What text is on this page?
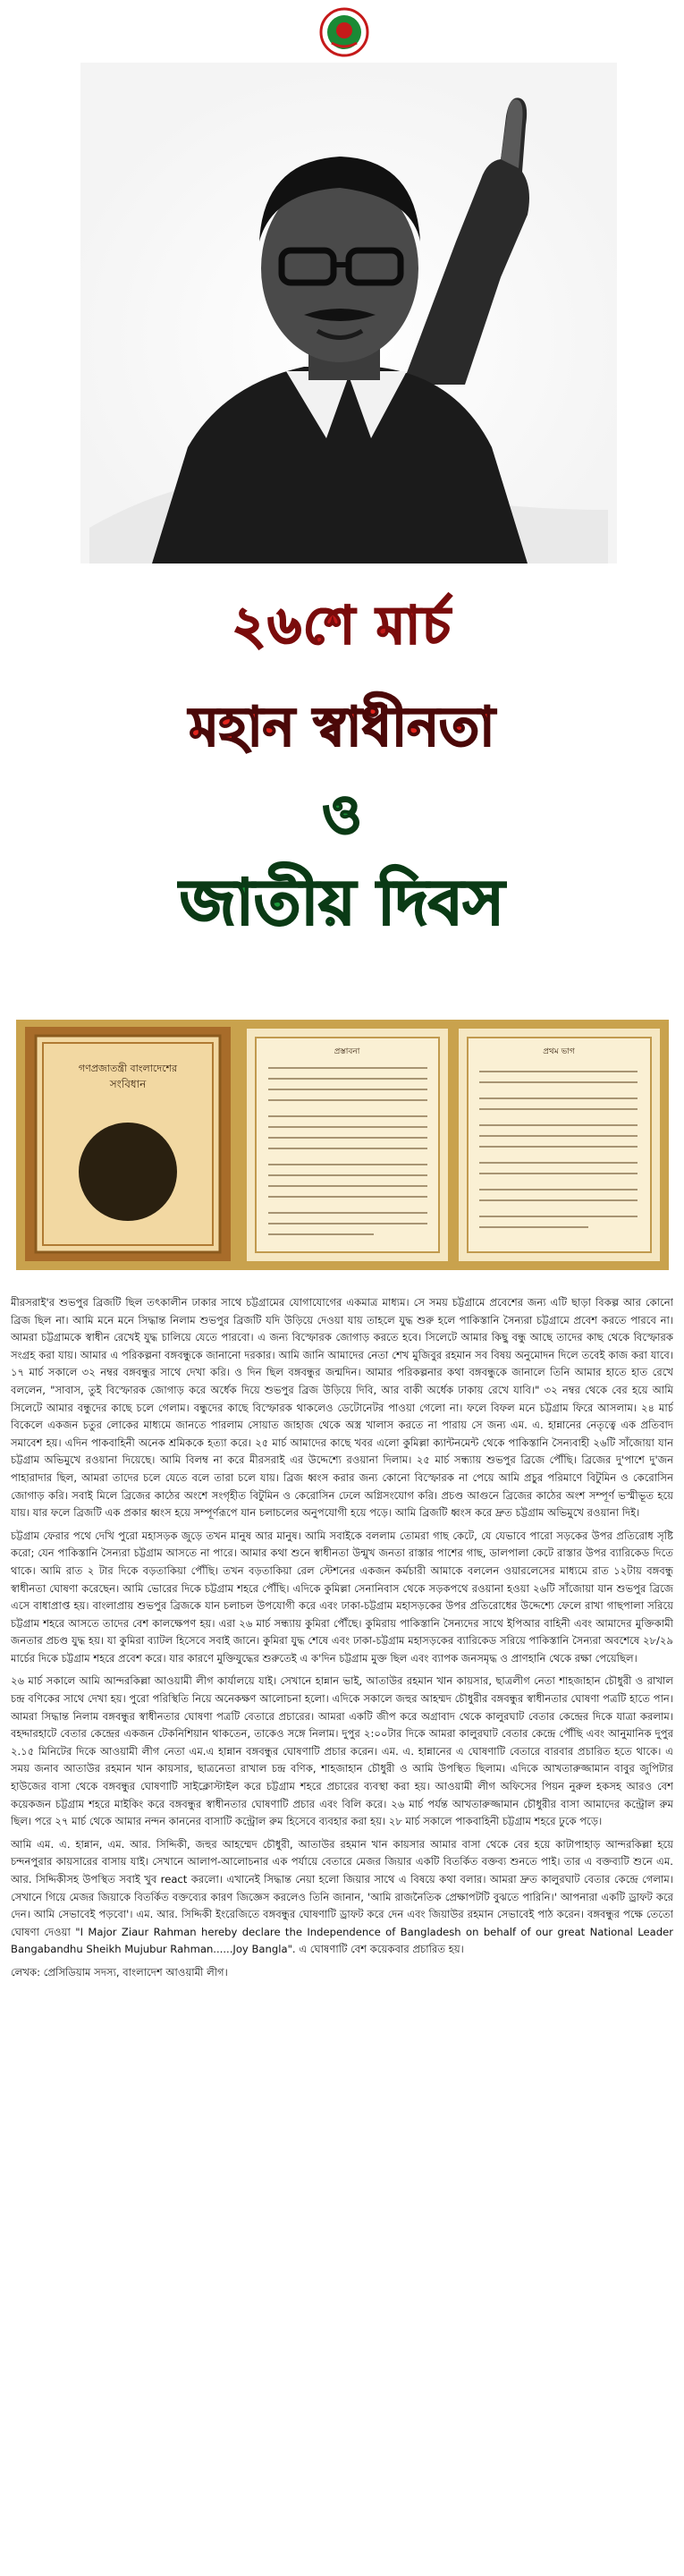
২৬শে মার্চ
মহান স্বাধীনতা
ও
জাতীয় দিবস
গণপ্রজাতন্ত্রী বাংলাদেশের
সংবিধান
প্রস্তাবনা	প্রথম ভাগ

মীরসরাই'র শুভপুর ব্রিজটি ছিল তৎকালীন ঢাকার সাথে চট্টগ্রামের যোগাযোগের একমাত্র মাধ্যম। সে সময় চট্টগ্রামে প্রবেশের জন্য এটি ছাড়া বিকল্প আর কোনো ব্রিজ ছিল না। আমি মনে মনে সিদ্ধান্ত নিলাম শুভপুর ব্রিজটি যদি উড়িয়ে দেওয়া যায় তাহলে যুদ্ধ শুরু হলে পাকিস্তানি সৈন্যরা চট্টগ্রামে প্রবেশ করতে পারবে না। আমরা চট্টগ্রামকে স্বাধীন রেখেই যুদ্ধ চালিয়ে যেতে পারবো। এ জন্য বিস্ফোরক জোগাড় করতে হবে। সিলেটে আমার কিছু বন্ধু আছে তাদের কাছ থেকে বিস্ফোরক সংগ্রহ করা যায়। আমার এ পরিকল্পনা বঙ্গবন্ধুকে জানানো দরকার। আমি জানি আমাদের নেতা শেখ মুজিবুর রহমান সব বিষয় অনুমোদন দিলে তবেই কাজ করা যাবে। ১৭ মার্চ সকালে ৩২ নম্বর বঙ্গবন্ধুর সাথে দেখা করি। ও দিন ছিল বঙ্গবন্ধুর জন্মদিন। আমার পরিকল্পনার কথা বঙ্গবন্ধুকে জানালে তিনি আমার হাতে হাত রেখে বললেন, "সাবাস, তুই বিস্ফোরক জোগাড় করে অর্ধেক দিয়ে শুভপুর ব্রিজ উড়িয়ে দিবি, আর বাকী অর্ধেক ঢাকায় রেখে যাবি।" ৩২ নম্বর থেকে বের হয়ে আমি সিলেটে আমার বন্ধুদের কাছে চলে গেলাম। বন্ধুদের কাছে বিস্ফোরক থাকলেও ডেটোনেটর পাওয়া গেলো না। ফলে বিফল মনে চট্টগ্রাম ফিরে আসলাম। ২৪ মার্চ বিকেলে একজন চতুর লোকের মাধ্যমে জানতে পারলাম সোয়াত জাহাজ থেকে অস্ত্র খালাস করতে না পারায় সে জন্য এম. এ. হান্নানের নেতৃত্বে এক প্রতিবাদ সমাবেশ হয়। এদিন পাকবাহিনী অনেক শ্রমিককে হত্যা করে। ২৫ মার্চ আমাদের কাছে খবর এলো কুমিল্লা ক্যান্টনমেন্ট থেকে পাকিস্তানি সৈন্যবাহী ২৬টি সাঁজোয়া যান চট্টগ্রাম অভিমুখে রওয়ানা দিয়েছে। আমি বিলম্ব না করে মীরসরাই এর উদ্দেশ্যে রওয়ানা দিলাম। ২৫ মার্চ সন্ধ্যায় শুভপুর ব্রিজে পৌঁছি। ব্রিজের দু'পাশে দু'জন পাহারাদার ছিল, আমরা তাদের চলে যেতে বলে তারা চলে যায়। ব্রিজ ধ্বংস করার জন্য কোনো বিস্ফোরক না পেয়ে আমি প্রচুর পরিমাণে বিটুমিন ও কেরোসিন জোগাড় করি। সবাই মিলে ব্রিজের কাঠের অংশে সংগৃহীত বিটুমিন ও কেরোসিন ঢেলে অগ্নিসংযোগ করি। প্রচণ্ড আগুনে ব্রিজের কাঠের অংশ সম্পূর্ণ ভস্মীভূত হয়ে যায়। যার ফলে ব্রিজটি এক প্রকার ধ্বংস হয়ে সম্পূর্ণরূপে যান চলাচলের অনুপযোগী হয়ে পড়ে। আমি ব্রিজটি ধ্বংস করে দ্রুত চট্টগ্রাম অভিমুখে রওয়ানা দিই।

চট্টগ্রাম ফেরার পথে দেখি পুরো মহাসড়ক জুড়ে তখন মানুষ আর মানুষ। আমি সবাইকে বললাম তোমরা গাছ কেটে, যে যেভাবে পারো সড়কের উপর প্রতিরোধ সৃষ্টি করো; যেন পাকিস্তানি সৈন্যরা চট্টগ্রাম আসতে না পারে। আমার কথা শুনে স্বাধীনতা উন্মুখ জনতা রাস্তার পাশের গাছ, ডালপালা কেটে রাস্তার উপর ব্যারিকেড দিতে থাকে। আমি রাত ২ টার দিকে বড়তাকিয়া পৌঁছি। তখন বড়তাকিয়া রেল স্টেশনের একজন কর্মচারী আমাকে বললেন ওয়ারলেসের মাধ্যমে রাত ১২টায় বঙ্গবন্ধু স্বাধীনতা ঘোষণা করেছেন। আমি ভোরের দিকে চট্টগ্রাম শহরে পৌঁছি। এদিকে কুমিল্লা সেনানিবাস থেকে সড়কপথে রওয়ানা হওয়া ২৬টি সাঁজোয়া যান শুভপুর ব্রিজে এসে বাধাপ্রাপ্ত হয়। বাংলাপ্রায় শুভপুর ব্রিজকে যান চলাচল উপযোগী করে এবং ঢাকা-চট্টগ্রাম মহাসড়কের উপর প্রতিরোধের উদ্দেশ্যে ফেলে রাখা গাছপালা সরিয়ে চট্টগ্রাম শহরে আসতে তাদের বেশ কালক্ষেপণ হয়। এরা ২৬ মার্চ সন্ধ্যায় কুমিরা পৌঁছে। কুমিরায় পাকিস্তানি সৈন্যদের সাথে ইপিআর বাহিনী এবং আমাদের মুক্তিকামী জনতার প্রচণ্ড যুদ্ধ হয়। যা কুমিরা ব্যাটল হিসেবে সবাই জানে। কুমিরা যুদ্ধ শেষে এবং ঢাকা-চট্টগ্রাম মহাসড়কের ব্যারিকেড সরিয়ে পাকিস্তানি সৈন্যরা অবশেষে ২৮/২৯ মার্চের দিকে চট্টগ্রাম শহরে প্রবেশ করে। যার কারণে মুক্তিযুদ্ধের শুরুতেই এ ক'দিন চট্টগ্রাম মুক্ত ছিল এবং ব্যাপক জনসমৃদ্ধ ও প্রাণহানি থেকে রক্ষা পেয়েছিল।

২৬ মার্চ সকালে আমি আন্দরকিল্লা আওয়ামী লীগ কার্যালয়ে যাই। সেখানে হান্নান ভাই, আতাউর রহমান খান কায়সার, ছাত্রলীগ নেতা শাহজাহান চৌধুরী ও রাখাল চন্দ্র বণিকের সাথে দেখা হয়। পুরো পরিস্থিতি নিয়ে অনেকক্ষণ আলোচনা হলো। এদিকে সকালে জহুর আহম্মদ চৌধুরীর বঙ্গবন্ধুর স্বাধীনতার ঘোষণা পত্রটি হাতে পান। আমরা সিদ্ধান্ত নিলাম বঙ্গবন্ধুর স্বাধীনতার ঘোষণা পত্রটি বেতারে প্রচারের। আমরা একটি জীপ করে অগ্রাবাদ থেকে কালুরঘাট বেতার কেন্দ্রের দিকে যাত্রা করলাম। বহদ্দারহাটে বেতার কেন্দ্রের একজন টেকনিশিয়ান থাকতেন, তাকেও সঙ্গে নিলাম। দুপুর ২:০০টার দিকে আমরা কালুরঘাট বেতার কেন্দ্রে পৌঁছি এবং আনুমানিক দুপুর ২.১৫ মিনিটের দিকে আওয়ামী লীগ নেতা এম.এ হান্নান বঙ্গবন্ধুর ঘোষণাটি প্রচার করেন। এম. এ. হান্নানের এ ঘোষণাটি বেতারে বারবার প্রচারিত হতে থাকে। এ সময় জনাব আতাউর রহমান খান কায়সার, ছাত্রনেতা রাখাল চন্দ্র বণিক, শাহজাহান চৌধুরী ও আমি উপস্থিত ছিলাম। এদিকে আখতারুজ্জামান বাবুর জুপিটার হাউজের বাসা থেকে বঙ্গবন্ধুর ঘোষণাটি সাইক্লোস্টাইল করে চট্টগ্রাম শহরে প্রচারের ব্যবস্থা করা হয়। আওয়ামী লীগ অফিসের পিয়ন নুরুল হকসহ আরও বেশ কয়েকজন চট্টগ্রাম শহরে মাইকিং করে বঙ্গবন্ধুর স্বাধীনতার ঘোষণাটি প্রচার এবং বিলি করে। ২৬ মার্চ পর্যন্ত আখতারুজ্জামান চৌধুরীর বাসা আমাদের কন্ট্রোল রুম ছিল। পরে ২৭ মার্চ থেকে আমার নন্দন কাননের বাসাটি কন্ট্রোল রুম হিসেবে ব্যবহার করা হয়। ২৮ মার্চ সকালে পাকবাহিনী চট্টগ্রাম শহরে ঢুকে পড়ে।

আমি এম. এ. হান্নান, এম. আর. সিদ্দিকী, জহুর আহম্মেদ চৌধুরী, আতাউর রহমান খান কায়সার আমার বাসা থেকে বের হয়ে কাটাপাহাড় আন্দরকিল্লা হয়ে চন্দনপুরার কায়সারের বাসায় যাই। সেখানে আলাপ-আলোচনার এক পর্যায়ে বেতারে মেজর জিয়ার একটি বিতর্কিত বক্তব্য শুনতে পাই। তার এ বক্তব্যটি শুনে এম. আর. সিদ্দিকীসহ উপস্থিত সবাই খুব react করলো। এখানেই সিদ্ধান্ত নেয়া হলো জিয়ার সাথে এ বিষয়ে কথা বলার। আমরা দ্রুত কালুরঘাট বেতার কেন্দ্রে গেলাম। সেখানে গিয়ে মেজর জিয়াকে বিতর্কিত বক্তব্যের কারণ জিজ্ঞেস করলেও তিনি জানান, 'আমি রাজনৈতিক প্রেক্ষাপটটি বুঝতে পারিনি।' আপনারা একটি ড্রাফট করে দেন। আমি সেভাবেই পড়বো'। এম. আর. সিদ্দিকী ইংরেজিতে বঙ্গবন্ধুর ঘোষণাটি ড্রাফট করে দেন এবং জিয়াউর রহমান সেভাবেই পাঠ করেন। বঙ্গবন্ধুর পক্ষে তেতো ঘোষণা দেওয়া "I Major Ziaur Rahman hereby declare the Independence of Bangladesh on behalf of our great National Leader Bangabandhu Sheikh Mujubur Rahman......Joy Bangla". এ ঘোষণাটি বেশ কয়েকবার প্রচারিত হয়।

লেখক: প্রেসিডিয়াম সদস্য, বাংলাদেশ আওয়ামী লীগ।
